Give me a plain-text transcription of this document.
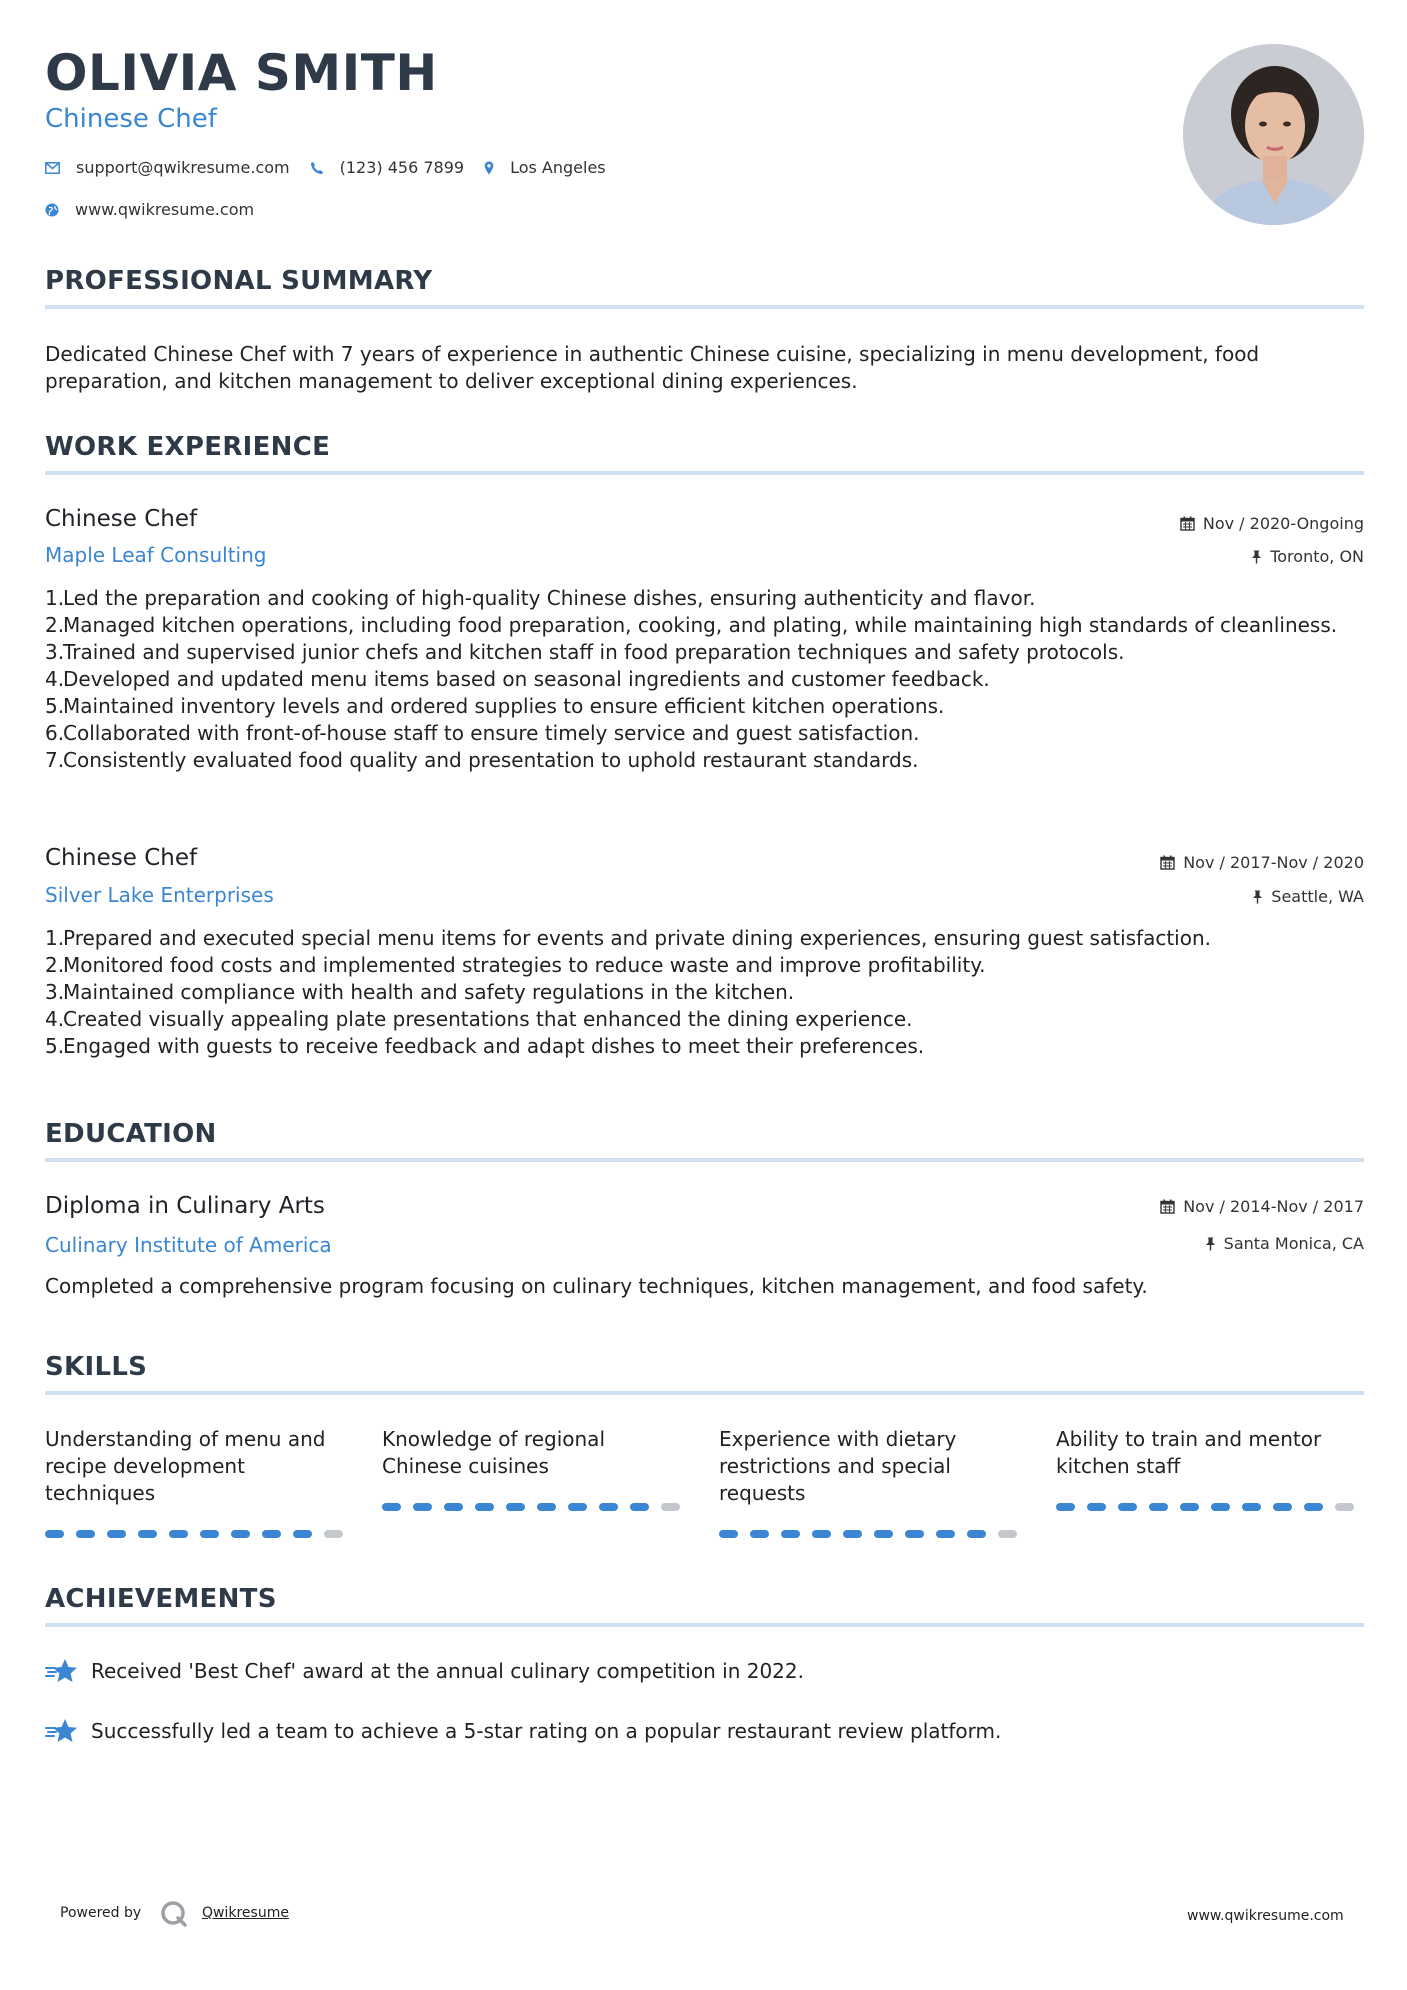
OLIVIA SMITH
Chinese Chef
support@qwikresume.com	(123) 456 7899	Los Angeles
www.qwikresume.com
PROFESSIONAL SUMMARY
Dedicated Chinese Chef with 7 years of experience in authentic Chinese cuisine, specializing in menu development, food preparation, and kitchen management to deliver exceptional dining experiences.
WORK EXPERIENCE
Chinese Chef	Nov / 2020-Ongoing
Maple Leaf Consulting	Toronto, ON
1.
Led the preparation and cooking of high-quality Chinese dishes, ensuring authenticity and flavor.
2.
Managed kitchen operations, including food preparation, cooking, and plating, while maintaining high standards of cleanliness.
3.
Trained and supervised junior chefs and kitchen staff in food preparation techniques and safety protocols.
4.
Developed and updated menu items based on seasonal ingredients and customer feedback.
5.
Maintained inventory levels and ordered supplies to ensure efficient kitchen operations.
6.
Collaborated with front-of-house staff to ensure timely service and guest satisfaction.
7.
Consistently evaluated food quality and presentation to uphold restaurant standards.
Chinese Chef	Nov / 2017-Nov / 2020
Silver Lake Enterprises	Seattle, WA
1.
Prepared and executed special menu items for events and private dining experiences, ensuring guest satisfaction.
2.
Monitored food costs and implemented strategies to reduce waste and improve profitability.
3.
Maintained compliance with health and safety regulations in the kitchen.
4.
Created visually appealing plate presentations that enhanced the dining experience.
5.
Engaged with guests to receive feedback and adapt dishes to meet their preferences.
EDUCATION
Diploma in Culinary Arts	Nov / 2014-Nov / 2017
Culinary Institute of America	Santa Monica, CA
Completed a comprehensive program focusing on culinary techniques, kitchen management, and food safety.
SKILLS
Understanding of menu and recipe development techniques
Knowledge of regional Chinese cuisines
Experience with dietary restrictions and special requests
Ability to train and mentor kitchen staff
ACHIEVEMENTS
Received 'Best Chef' award at the annual culinary competition in 2022.
Successfully led a team to achieve a 5-star rating on a popular restaurant review platform.
Powered by	Qwikresume	www.qwikresume.com
